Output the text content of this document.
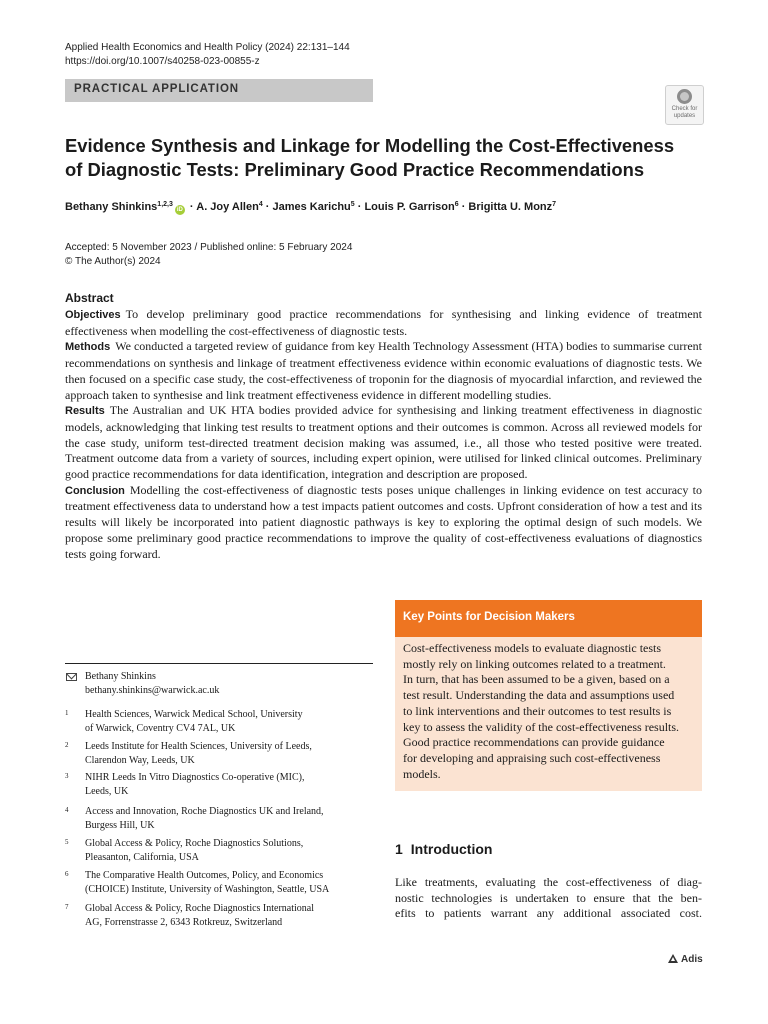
Applied Health Economics and Health Policy (2024) 22:131–144
https://doi.org/10.1007/s40258-023-00855-z
PRACTICAL APPLICATION
Check for
updates
Evidence Synthesis and Linkage for Modelling the Cost‑Effectiveness
of Diagnostic Tests: Preliminary Good Practice Recommendations
Bethany Shinkins$^{1,2,3}$iD · A. Joy Allen$^4$ · James Karichu$^5$ · Louis P. Garrison$^6$ · Brigitta U. Monz$^7$
Accepted: 5 November 2023 / Published online: 5 February 2024
© The Author(s) 2024
Abstract

Objectives To develop preliminary good practice recommendations for synthesising and linking evidence of treatment effectiveness when modelling the cost-effectiveness of diagnostic tests.

Methods We conducted a targeted review of guidance from key Health Technology Assessment (HTA) bodies to summarise current recommendations on synthesis and linkage of treatment effectiveness evidence within economic evaluations of diagnostic tests. We then focused on a specific case study, the cost-effectiveness of troponin for the diagnosis of myocardial infarction, and reviewed the approach taken to synthesise and link treatment effectiveness evidence in different modelling studies.

Results The Australian and UK HTA bodies provided advice for synthesising and linking treatment effectiveness in diagnostic models, acknowledging that linking test results to treatment options and their outcomes is common. Across all reviewed models for the case study, uniform test-directed treatment decision making was assumed, i.e., all those who tested positive were treated. Treatment outcome data from a variety of sources, including expert opinion, were utilised for linked clinical outcomes. Preliminary good practice recommendations for data identification, integration and description are proposed.

Conclusion Modelling the cost-effectiveness of diagnostic tests poses unique challenges in linking evidence on test accuracy to treatment effectiveness data to understand how a test impacts patient outcomes and costs. Upfront consideration of how a test and its results will likely be incorporated into patient diagnostic pathways is key to exploring the optimal design of such models. We propose some preliminary good practice recommendations to improve the quality of cost-effectiveness evaluations of diagnostics tests going forward.

Key Points for Decision Makers
Cost-effectiveness models to evaluate diagnostic tests
mostly rely on linking outcomes related to a treatment.
In turn, that has been assumed to be a given, based on a
test result. Understanding the data and assumptions used
to link interventions and their outcomes to test results is
key to assess the validity of the cost-effectiveness results.
Good practice recommendations can provide guidance
for developing and appraising such cost-effectiveness
models.
Bethany Shinkins
bethany.shinkins@warwick.ac.uk
1 Health Sciences, Warwick Medical School, University
of Warwick, Coventry CV4 7AL, UK
2 Leeds Institute for Health Sciences, University of Leeds,
Clarendon Way, Leeds, UK
3 NIHR Leeds In Vitro Diagnostics Co-operative (MIC),
Leeds, UK
4 Access and Innovation, Roche Diagnostics UK and Ireland,
Burgess Hill, UK
5 Global Access & Policy, Roche Diagnostics Solutions,
Pleasanton, California, USA
6 The Comparative Health Outcomes, Policy, and Economics
(CHOICE) Institute, University of Washington, Seattle, USA
7 Global Access & Policy, Roche Diagnostics International
AG, Forrenstrasse 2, 6343 Rotkreuz, Switzerland
1 Introduction
Like treatments, evaluating the cost-effectiveness of diag-
nostic technologies is undertaken to ensure that the ben-
efits to patients warrant any additional associated cost.
Adis
